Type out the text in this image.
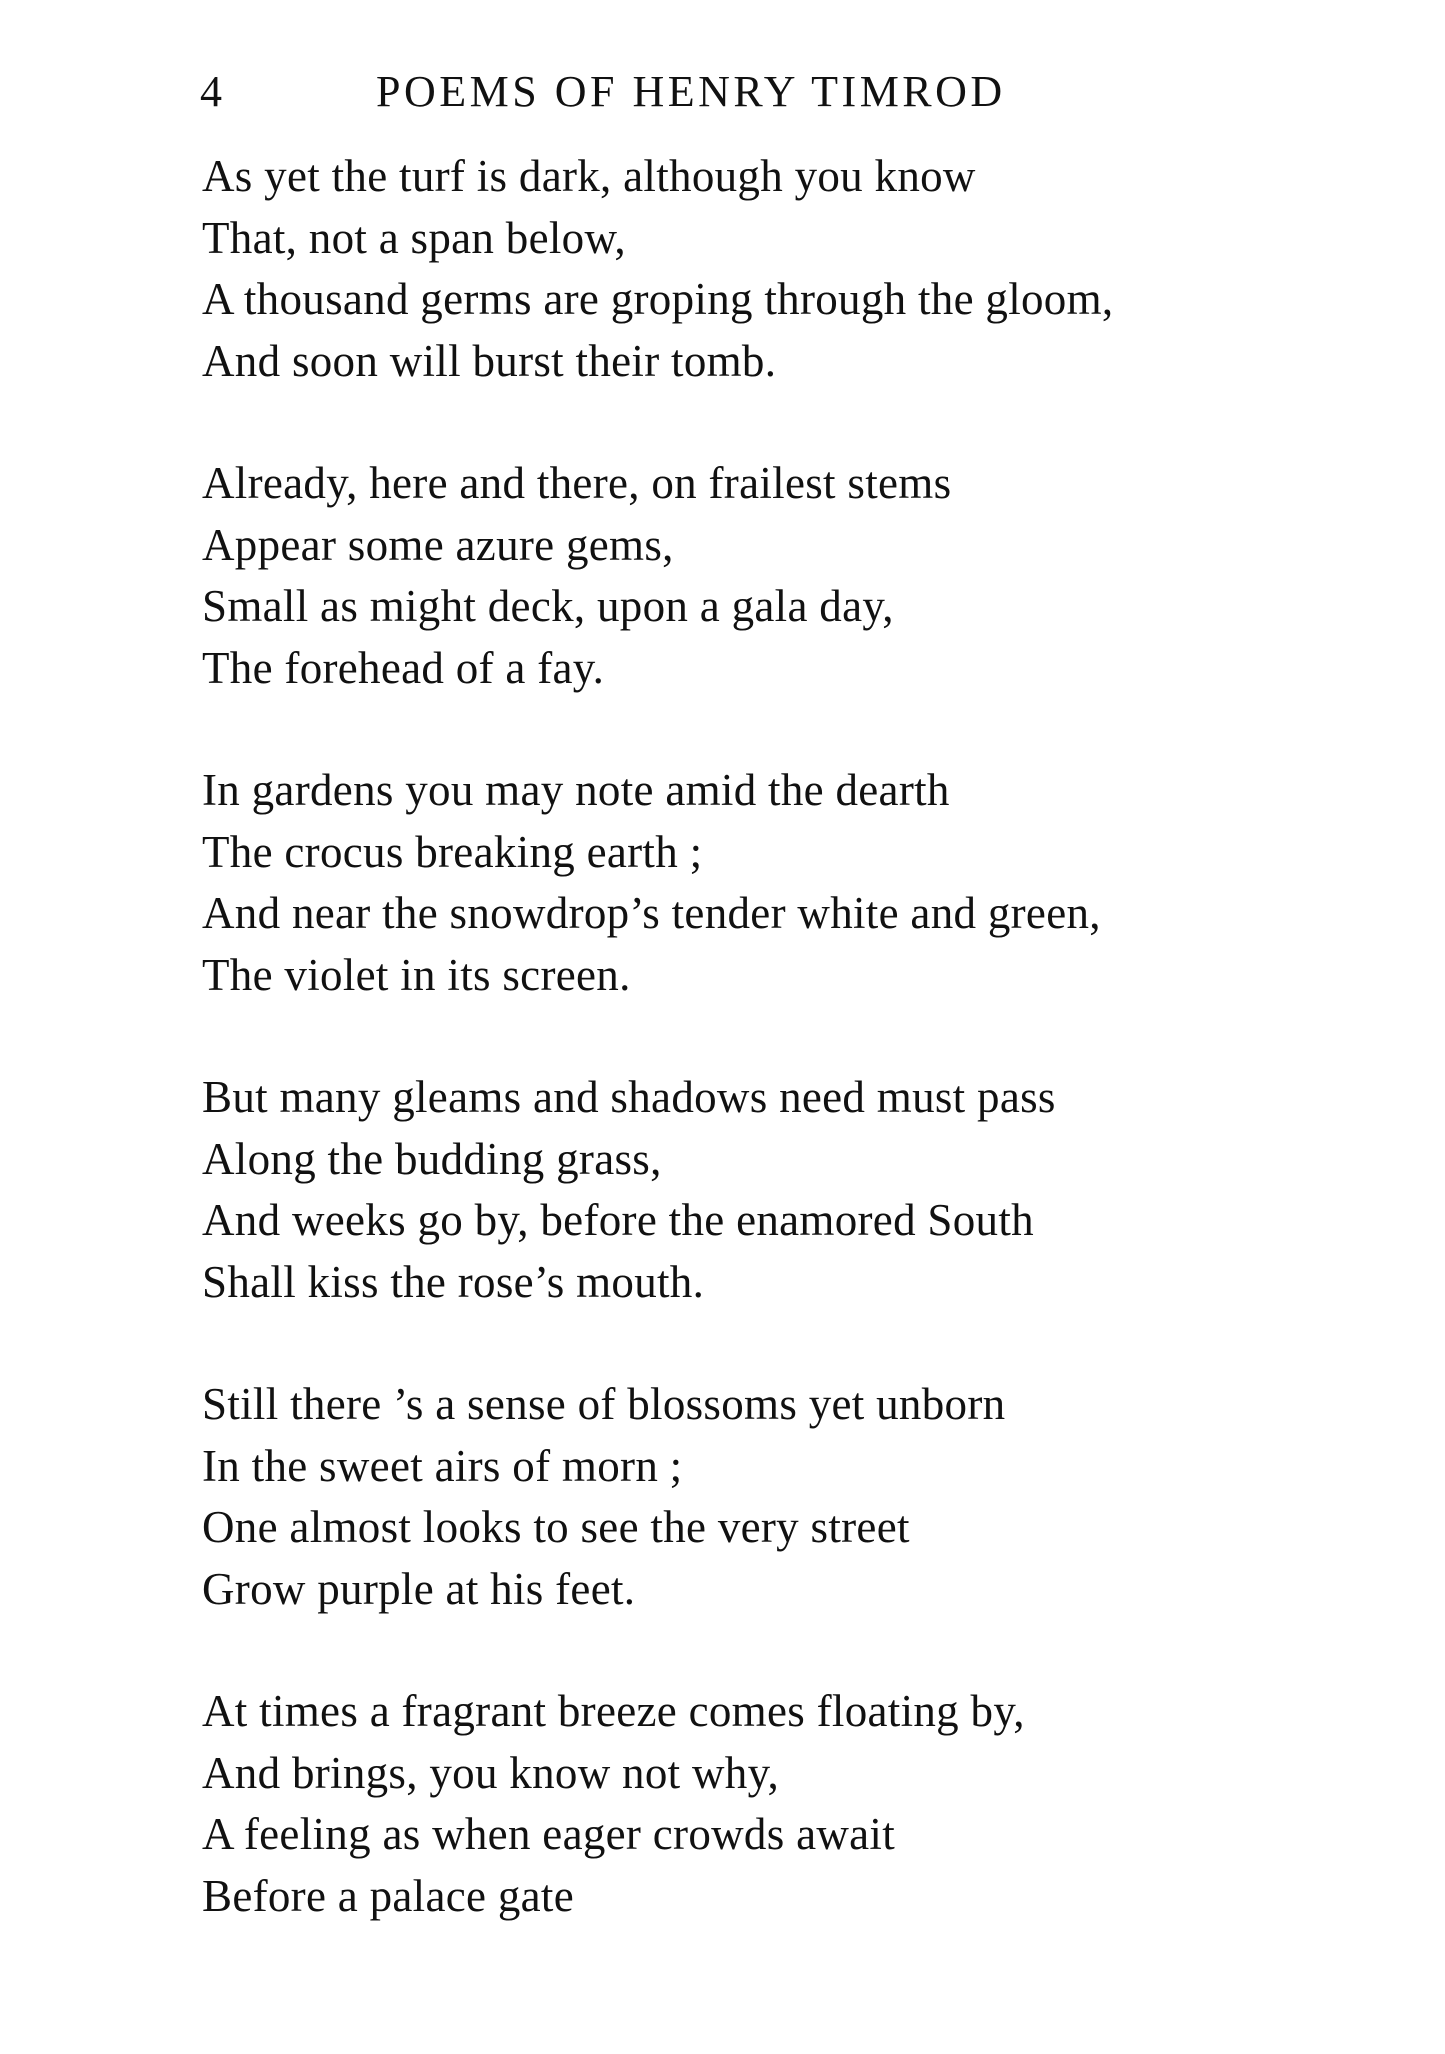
4	POEMS OF HENRY TIMROD
As yet the turf is dark, although you know
That, not a span below,
A thousand germs are groping through the gloom,
And soon will burst their tomb.
Already, here and there, on frailest stems
Appear some azure gems,
Small as might deck, upon a gala day,
The forehead of a fay.
In gardens you may note amid the dearth
The crocus breaking earth ;
And near the snowdrop’s tender white and green,
The violet in its screen.
But many gleams and shadows need must pass
Along the budding grass,
And weeks go by, before the enamored South
Shall kiss the rose’s mouth.
Still there ’s a sense of blossoms yet unborn
In the sweet airs of morn ;
One almost looks to see the very street
Grow purple at his feet.
At times a fragrant breeze comes floating by,
And brings, you know not why,
A feeling as when eager crowds await
Before a palace gate
